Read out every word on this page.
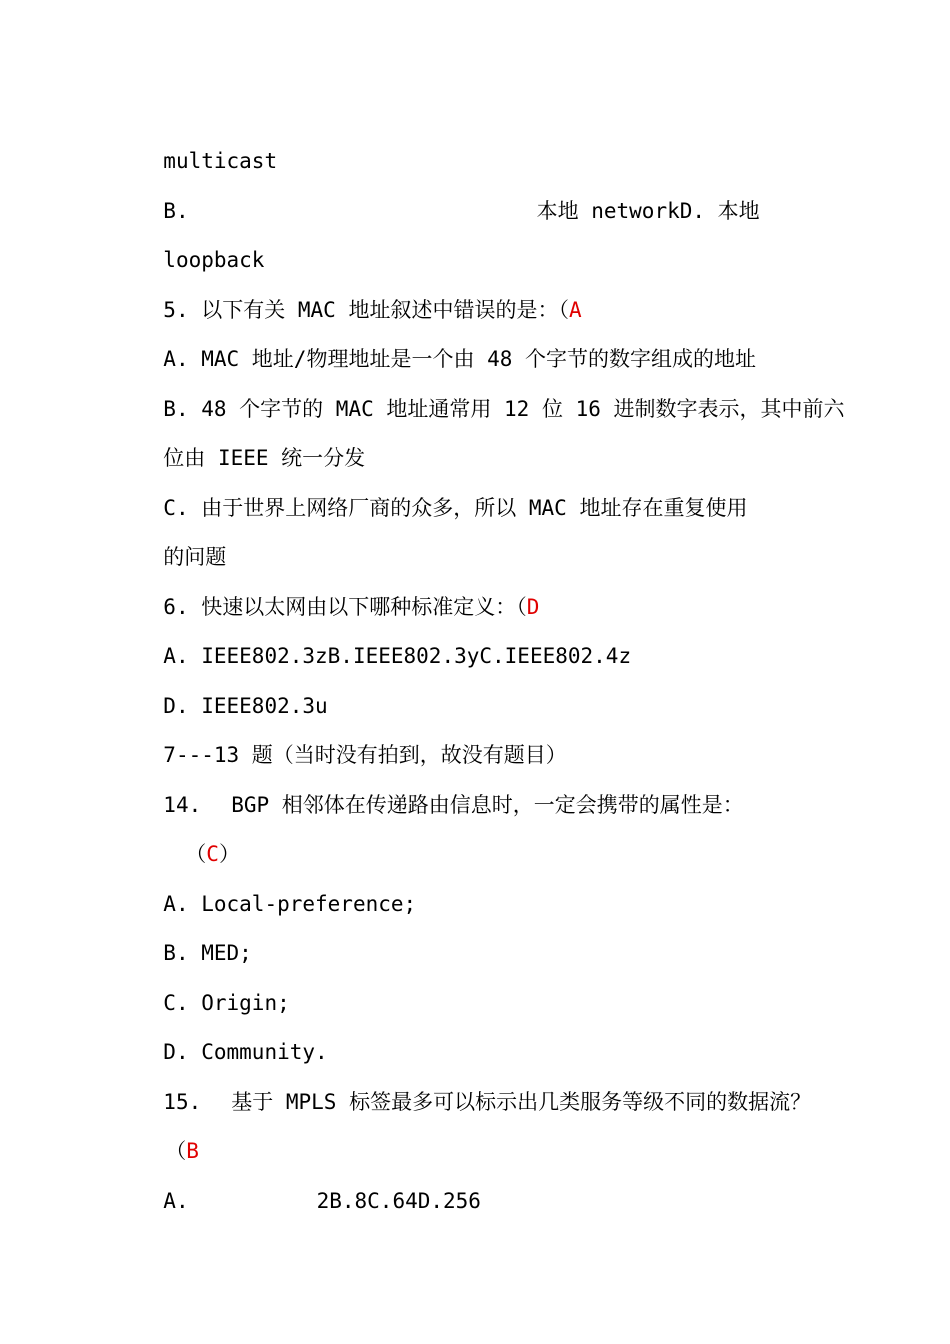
multicast

B.	本地 networkD. 本地

loopback

5. 以下有关 MAC 地址叙述中错误的是：（A

A. MAC 地址/物理地址是一个由 48 个字节的数字组成的地址

B. 48 个字节的 MAC 地址通常用 12 位 16 进制数字表示，其中前六

位由 IEEE 统一分发

C. 由于世界上网络厂商的众多，所以 MAC 地址存在重复使用

的问题

6. 快速以太网由以下哪种标准定义：（D

A. IEEE802.3zB.IEEE802.3yC.IEEE802.4z

D. IEEE802.3u

7---13 题（当时没有拍到，故没有题目）

14. BGP 相邻体在传递路由信息时，一定会携带的属性是：

（C）

A. Local-preference;

B. MED;

C. Origin;

D. Community.

15. 基于 MPLS 标签最多可以标示出几类服务等级不同的数据流？

（B

A.	2B.8C.64D.256
